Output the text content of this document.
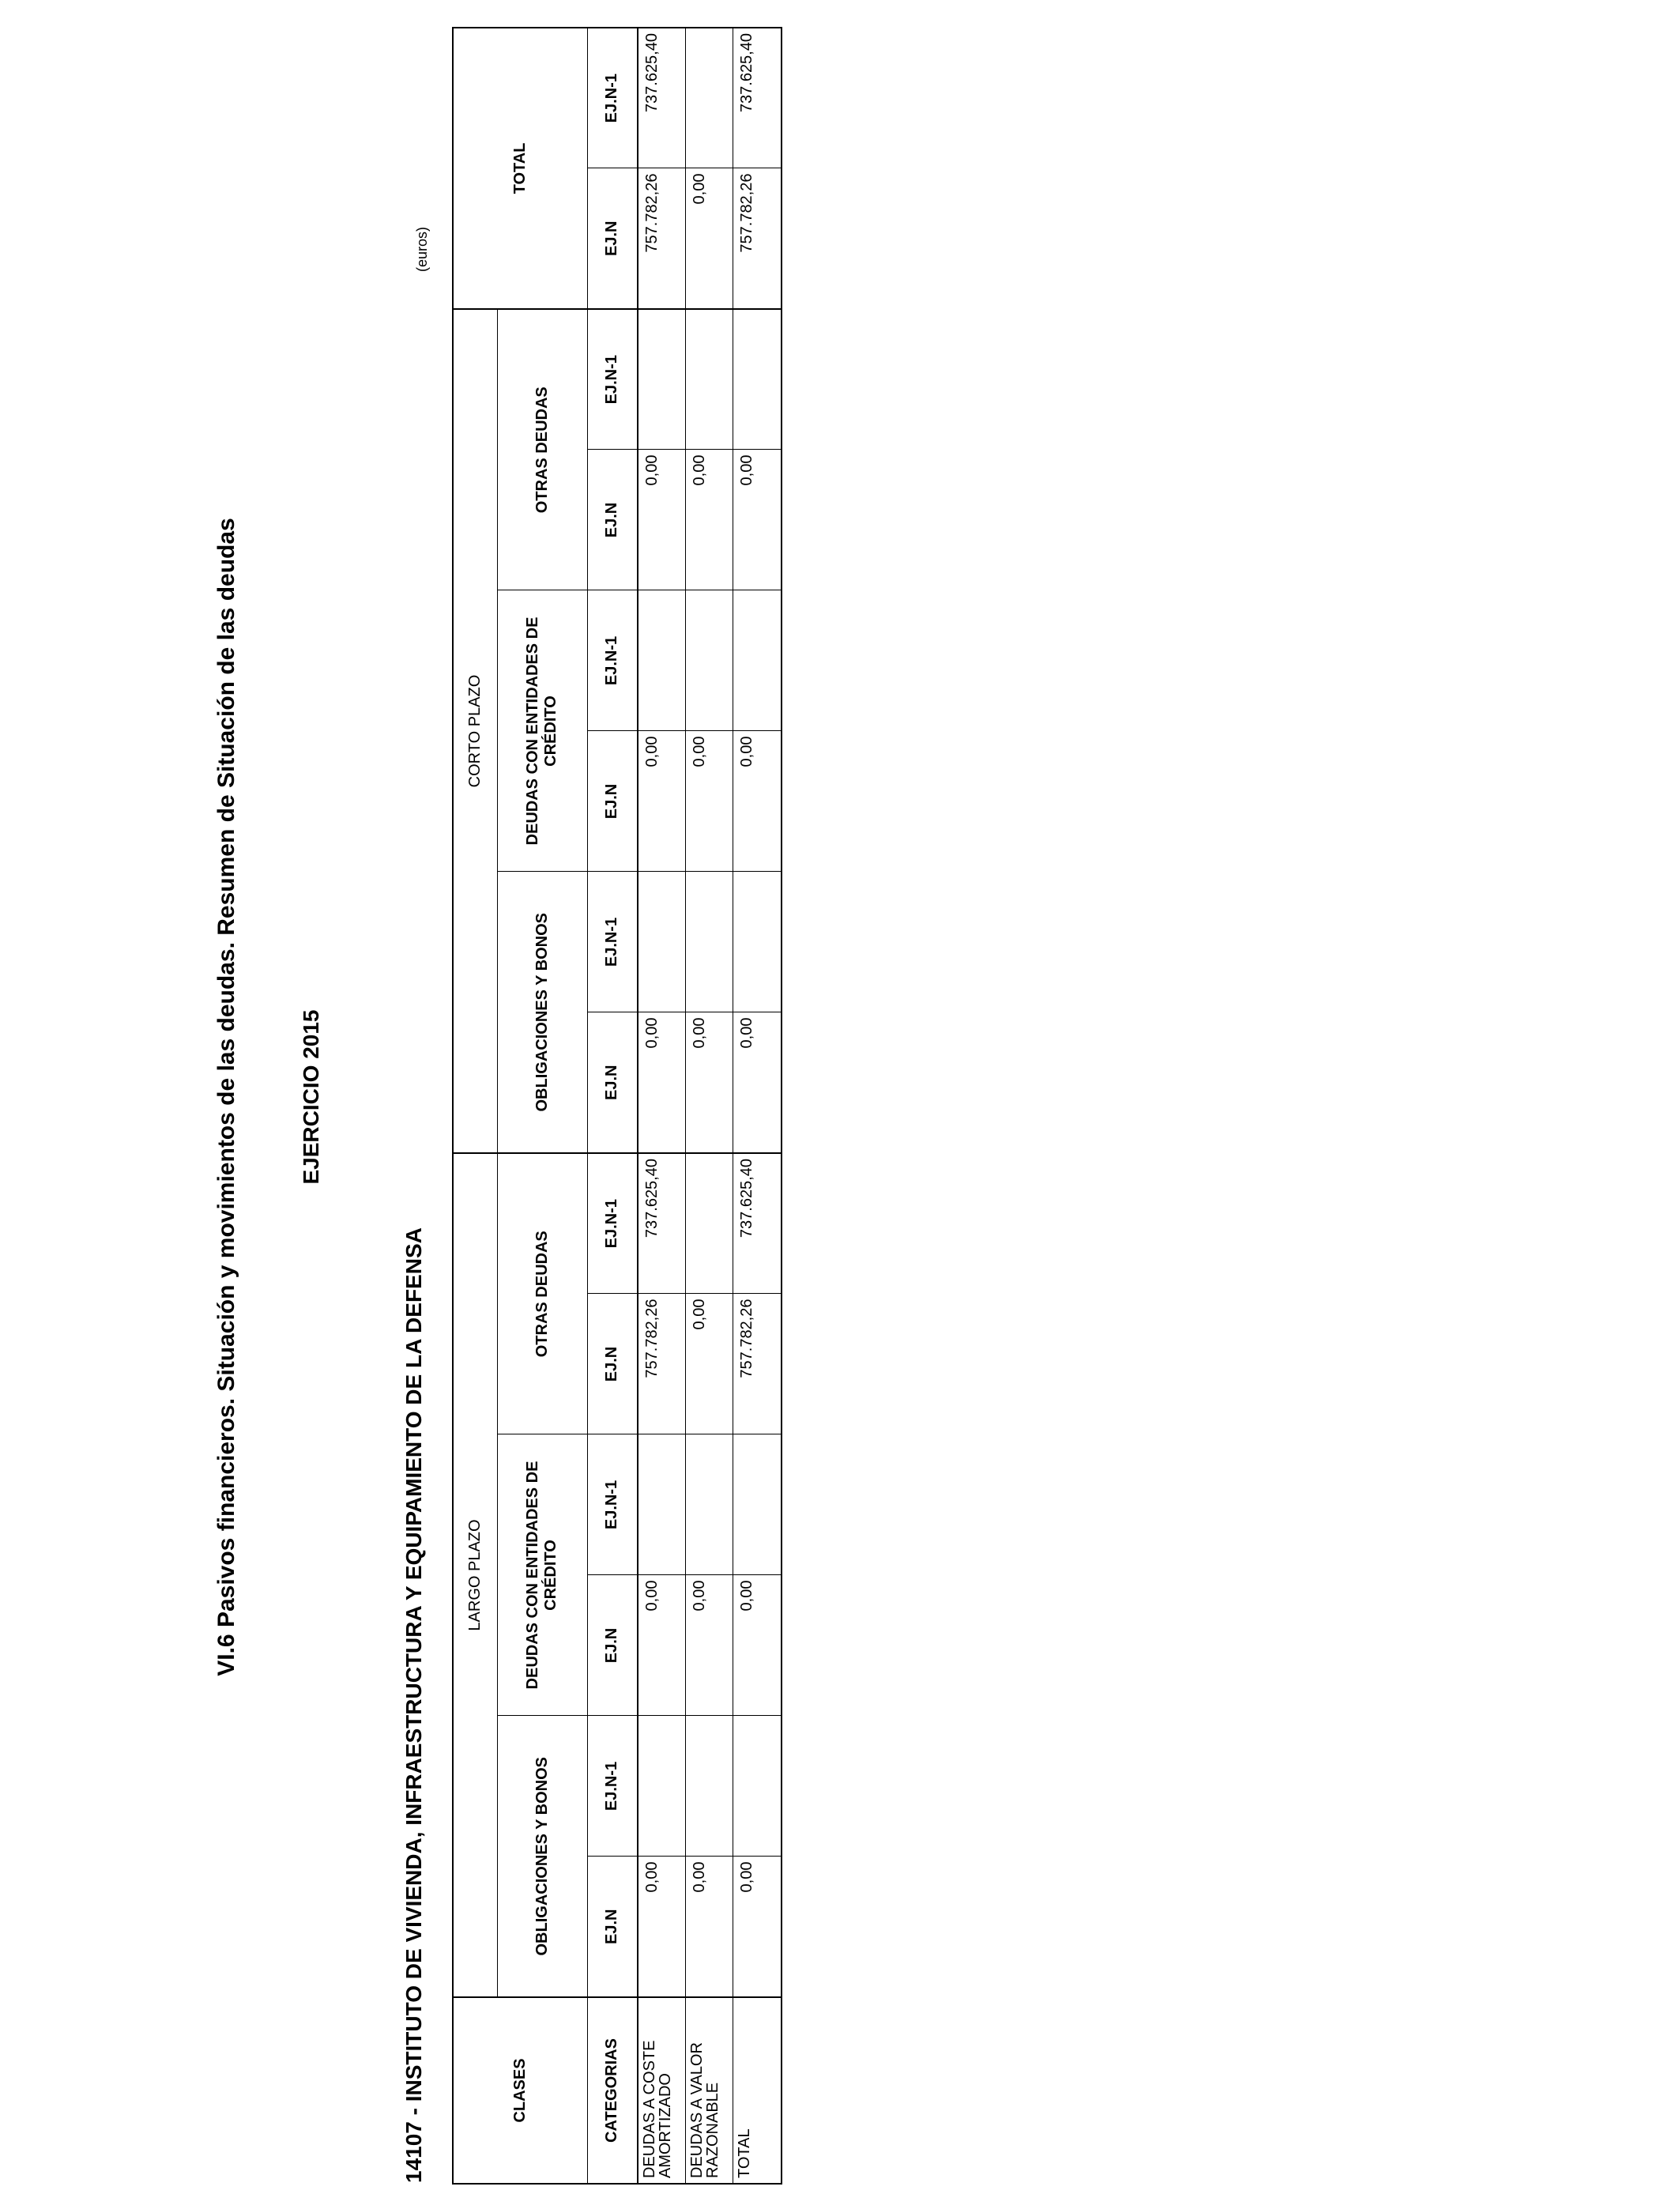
VI.6 Pasivos financieros. Situación y movimientos de las deudas. Resumen de Situación de las deudas	EJERCICIO 2015
14107 - INSTITUTO DE VIVIENDA, INFRAESTRUCTURA Y EQUIPAMIENTO DE LA DEFENSA
(euros)
CLASES	LARGO PLAZO						CORTO PLAZO						TOTAL	
	OBLIGACIONES Y BONOS		DEUDAS CON ENTIDADES DE CRÉDITO		OTRAS DEUDAS		OBLIGACIONES Y BONOS		DEUDAS CON ENTIDADES DE CRÉDITO		OTRAS DEUDAS			
CATEGORIAS	EJ.N	EJ.N-1	EJ.N	EJ.N-1	EJ.N	EJ.N-1	EJ.N	EJ.N-1	EJ.N	EJ.N-1	EJ.N	EJ.N-1	EJ.N	EJ.N-1
DEUDAS A COSTE AMORTIZADO	0,00		0,00		757.782,26	737.625,40	0,00		0,00		0,00		757.782,26	737.625,40
DEUDAS A VALOR RAZONABLE	0,00		0,00		0,00		0,00		0,00		0,00		0,00	
TOTAL	0,00		0,00		757.782,26	737.625,40	0,00		0,00		0,00		757.782,26	737.625,40
